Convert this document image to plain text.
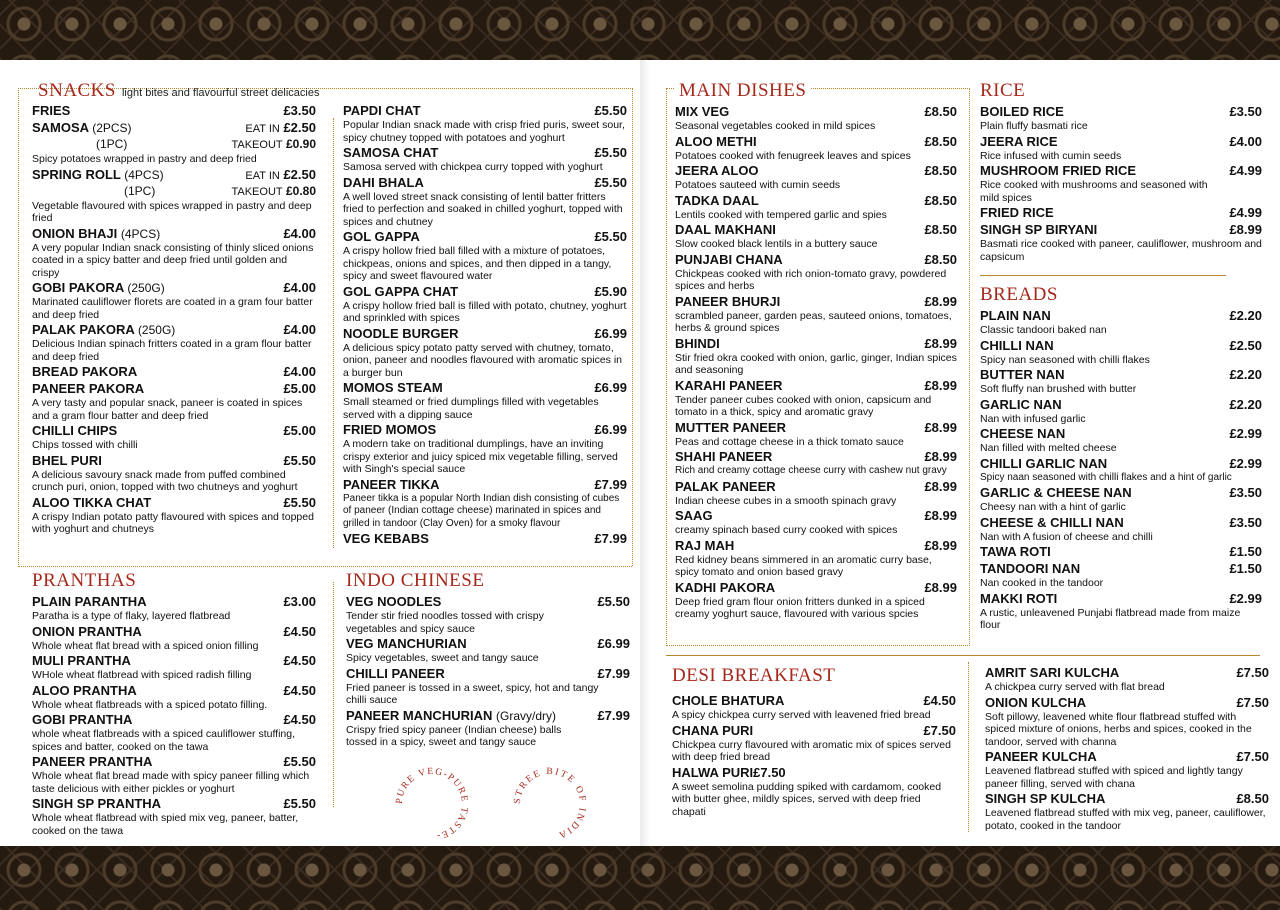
SNACKS light bites and flavourful street delicacies
FRIES	£3.50
SAMOSA (2PCS)	EAT IN £2.50
(1PC)	TAKEOUT £0.90
Spicy potatoes wrapped in pastry and deep fried
SPRING ROLL (4PCS)	EAT IN £2.50
(1PC)	TAKEOUT £0.80
Vegetable flavoured with spices wrapped in pastry and deep fried
ONION BHAJI (4PCS)	£4.00
A very popular Indian snack consisting of thinly sliced onions coated in a spicy batter and deep fried until golden and crispy
GOBI PAKORA (250G)	£4.00
Marinated cauliflower florets are coated in a gram four batter and deep fried
PALAK PAKORA (250G)	£4.00
Delicious Indian spinach fritters coated in a gram flour batter and deep fried
BREAD PAKORA	£4.00
PANEER PAKORA	£5.00
A very tasty and popular snack, paneer is coated in spices and a gram flour batter and deep fried
CHILLI CHIPS	£5.00
Chips tossed with chilli
BHEL PURI	£5.50
A delicious savoury snack made from puffed combined crunch puri, onion, topped with two chutneys and yoghurt
ALOO TIKKA CHAT	£5.50
A crispy Indian potato patty flavoured with spices and topped with yoghurt and chutneys
PAPDI CHAT	£5.50
Popular Indian snack made with crisp fried puris, sweet sour, spicy chutney topped with potatoes and yoghurt
SAMOSA CHAT	£5.50
Samosa served with chickpea curry topped with yoghurt
DAHI BHALA	£5.50
A well loved street snack consisting of lentil batter fritters fried to perfection and soaked in chilled yoghurt, topped with spices and chutney
GOL GAPPA	£5.50
A crispy hollow fried ball filled with a mixture of potatoes, chickpeas, onions and spices, and then dipped in a tangy, spicy and sweet flavoured water
GOL GAPPA CHAT	£5.90
A crispy hollow fried ball is filled with potato, chutney, yoghurt and sprinkled with spices
NOODLE BURGER	£6.99
A delicious spicy potato patty served with chutney, tomato, onion, paneer and noodles flavoured with aromatic spices in a burger bun
MOMOS STEAM	£6.99
Small steamed or fried dumplings filled with vegetables served with a dipping sauce
FRIED MOMOS	£6.99
A modern take on traditional dumplings, have an inviting crispy exterior and juicy spiced mix vegetable filling, served with Singh's special sauce
PANEER TIKKA	£7.99
Paneer tikka is a popular North Indian dish consisting of cubes of paneer (Indian cottage cheese) marinated in spices and grilled in tandoor (Clay Oven) for a smoky flavour
VEG KEBABS	£7.99
PRANTHAS
PLAIN PARANTHA	£3.00
Paratha is a type of flaky, layered flatbread
ONION PRANTHA	£4.50
Whole wheat flat bread with a spiced onion filling
MULI PRANTHA	£4.50
WHole wheat flatbread with spiced radish filling
ALOO PRANTHA	£4.50
Whole wheat flatbreads with a spiced potato filling.
GOBI PRANTHA	£4.50
whole wheat flatbreads with a spiced cauliflower stuffing, spices and batter, cooked on the tawa
PANEER PRANTHA	£5.50
Whole wheat flat bread made with spicy paneer filling which taste delicious with either pickles or yoghurt
SINGH SP PRANTHA	£5.50
Whole wheat flatbread with spied mix veg, paneer, batter, cooked on the tawa
INDO CHINESE
VEG NOODLES	£5.50
Tender stir fried noodles tossed with crispy vegetables and spicy sauce
VEG MANCHURIAN	£6.99
Spicy vegetables, sweet and tangy sauce
CHILLI PANEER	£7.99
Fried paneer is tossed in a sweet, spicy, hot and tangy chilli sauce
PANEER MANCHURIAN (Gravy/dry)	£7.99
Crispy fried spicy paneer (Indian cheese) balls tossed in a spicy, sweet and tangy sauce
PURE VEG-PURE TASTE-
STREE BITE OF INDIA
MAIN DISHES
MIX VEG	£8.50
Seasonal vegetables cooked in mild spices
ALOO METHI	£8.50
Potatoes cooked with fenugreek leaves and spices
JEERA ALOO	£8.50
Potatoes sauteed with cumin seeds
TADKA DAAL	£8.50
Lentils cooked with tempered garlic and spies
DAAL MAKHANI	£8.50
Slow cooked black lentils in a buttery sauce
PUNJABI CHANA	£8.50
Chickpeas cooked with rich onion-tomato gravy, powdered spices and herbs
PANEER BHURJI	£8.99
scrambled paneer, garden peas, sauteed onions, tomatoes, herbs & ground spices
BHINDI	£8.99
Stir fried okra cooked with onion, garlic, ginger, Indian spices and seasoning
KARAHI PANEER	£8.99
Tender paneer cubes cooked with onion, capsicum and tomato in a thick, spicy and aromatic gravy
MUTTER PANEER	£8.99
Peas and cottage cheese in a thick tomato sauce
SHAHI PANEER	£8.99
Rich and creamy cottage cheese curry with cashew nut gravy
PALAK PANEER	£8.99
Indian cheese cubes in a smooth spinach gravy
SAAG	£8.99
creamy spinach based curry cooked with spices
RAJ MAH	£8.99
Red kidney beans simmered in an aromatic curry base, spicy tomato and onion based gravy
KADHI PAKORA	£8.99
Deep fried gram flour onion fritters dunked in a spiced creamy yoghurt sauce, flavoured with various spcies
RICE
BOILED RICE	£3.50
Plain fluffy basmati rice
JEERA RICE	£4.00
Rice infused with cumin seeds
MUSHROOM FRIED RICE	£4.99
Rice cooked with mushrooms and seasoned with mild spices
FRIED RICE	£4.99
SINGH SP BIRYANI	£8.99
Basmati rice cooked with paneer, cauliflower, mushroom and capsicum
BREADS
PLAIN NAN	£2.20
Classic tandoori baked nan
CHILLI NAN	£2.50
Spicy nan seasoned with chilli flakes
BUTTER NAN	£2.20
Soft fluffy nan brushed with butter
GARLIC NAN	£2.20
Nan with infused garlic
CHEESE NAN	£2.99
Nan filled with melted cheese
CHILLI GARLIC NAN	£2.99
Spicy naan seasoned with chilli flakes and a hint of garlic
GARLIC & CHEESE NAN	£3.50
Cheesy nan with a hint of garlic
CHEESE & CHILLI NAN	£3.50
Nan with A fusion of cheese and chilli
TAWA ROTI	£1.50
TANDOORI NAN	£1.50
Nan cooked in the tandoor
MAKKI ROTI	£2.99
A rustic, unleavened Punjabi flatbread made from maize flour
DESI BREAKFAST
CHOLE BHATURA	£4.50
A spicy chickpea curry served with leavened fried bread
CHANA PURI	£7.50
Chickpea curry flavoured with aromatic mix of spices served with deep fried bread
HALWA PURI£7.50
A sweet semolina pudding spiked with cardamom, cooked with butter ghee, mildly spices, served with deep fried chapati
AMRIT SARI KULCHA	£7.50
A chickpea curry served with flat bread
ONION KULCHA	£7.50
Soft pillowy, leavened white flour flatbread stuffed with spiced mixture of onions, herbs and spices, cooked in the tandoor, served with channa
PANEER KULCHA	£7.50
Leavened flatbread stuffed with spiced and lightly tangy paneer filling, served with chana
SINGH SP KULCHA	£8.50
Leavened flatbread stuffed with mix veg, paneer, cauliflower, potato, cooked in the tandoor
